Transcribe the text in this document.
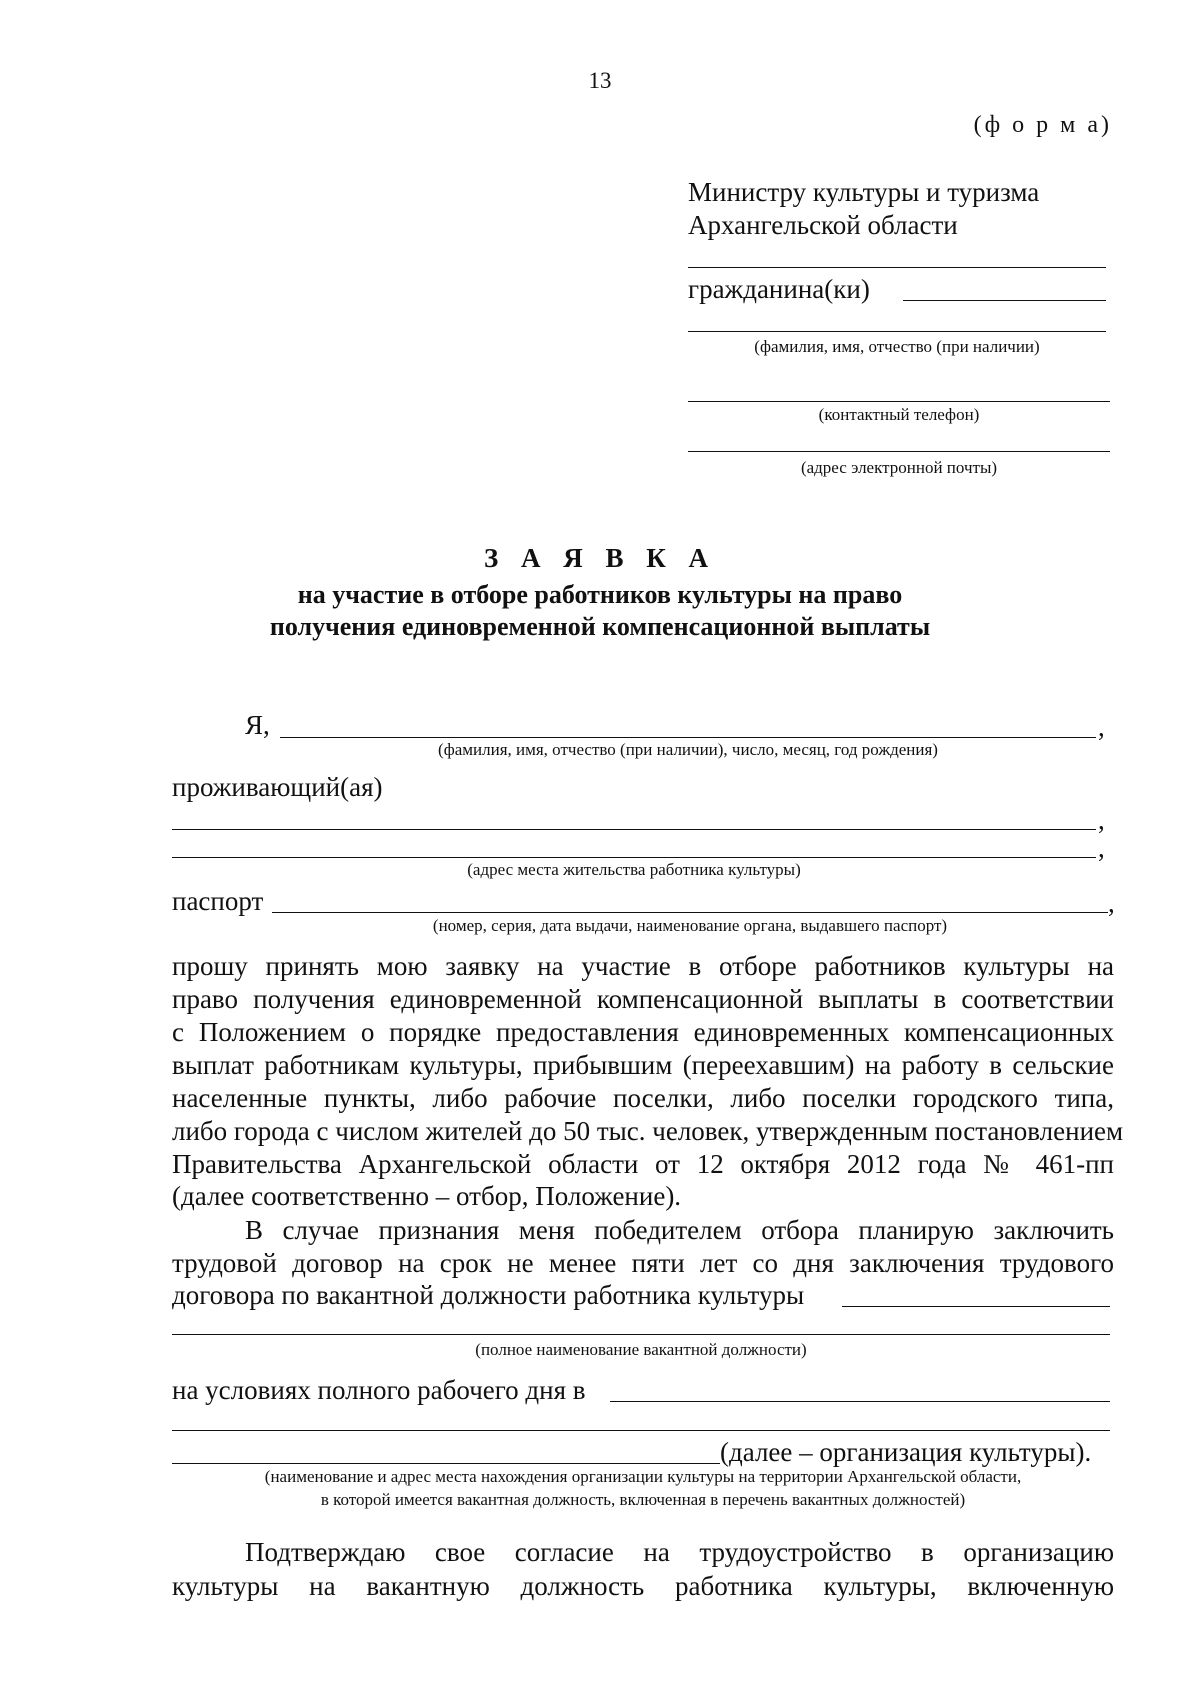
13
(ф о р м а)
Министру культуры и туризма
Архангельской области
гражданина(ки)
(фамилия, имя, отчество (при наличии)
(контактный телефон)
(адрес электронной почты)
З А Я В К А
на участие в отборе работников культуры на право
получения единовременной компенсационной выплаты
Я,	,
(фамилия, имя, отчество (при наличии), число, месяц, год рождения)
проживающий(ая)
,
,
(адрес места жительства работника культуры)
паспорт	,
(номер, серия, дата выдачи, наименование органа, выдавшего паспорт)
прошу принять мою заявку на участие в отборе работников культуры на
право получения единовременной компенсационной выплаты в соответствии
с Положением о порядке предоставления единовременных компенсационных
выплат работникам культуры, прибывшим (переехавшим) на работу в сельские
населенные пункты, либо рабочие поселки, либо поселки городского типа,
либо города с числом жителей до 50 тыс. человек, утвержденным постановлением
Правительства Архангельской области от 12 октября 2012 года № 461-пп
(далее соответственно – отбор, Положение).
В случае признания меня победителем отбора планирую заключить
трудовой договор на срок не менее пяти лет со дня заключения трудового
договора по вакантной должности работника культуры
(полное наименование вакантной должности)
на условиях полного рабочего дня в
(далее – организация культуры).
(наименование и адрес места нахождения организации культуры на территории Архангельской области,
в которой имеется вакантная должность, включенная в перечень вакантных должностей)
Подтверждаю свое согласие на трудоустройство в организацию
культуры на вакантную должность работника культуры, включенную
